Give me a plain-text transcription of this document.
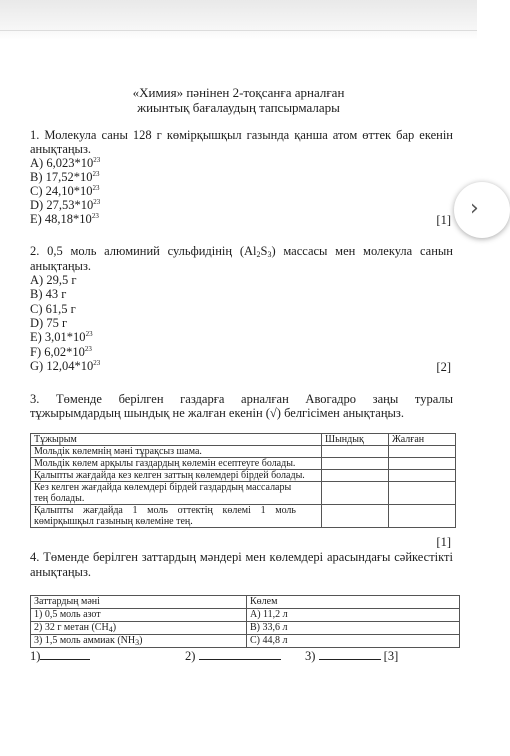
›
«Химия» пәнінен 2-тоқсанға арналған
жиынтық бағалаудың тапсырмалары
1. Молекула саны 128 г көмірқышқыл газында қанша атом өттек бар екенін
анықтаңыз.
A) $6,023*10^{23}$
B) $17,52*10^{23}$
C) $24,10*10^{23}$
D) $27,53*10^{23}$
E) $48,18*10^{23}$	[1]
2. 0,5 моль алюминий сульфидінің $(Al_2S_3)$ массасы мен молекула санын
анықтаңыз.
A) 29,5 г
B) 43 г
C) 61,5 г
D) 75 г
E) $3,01*10^{23}$
F) $6,02*10^{23}$
G) $12,04*10^{23}$	[2]
3. Төменде берілген газдарға арналған Авогадро заңы туралы
тұжырымдардың шындық не жалған екенін (√) белгісімен анықтаңыз.
Тұжырым	Шындық	Жалған
Мольдік көлемнің мәні тұрақсыз шама.		
Мольдік көлем арқылы газдардың көлемін есептеуге болады.		
Қалыпты жағдайда кез келген заттың көлемдері бірдей болады.		

Кез келген жағдайда көлемдері бірдей газдардың массалары
тең болады.		

Қалыпты жағдайда 1 моль оттектің көлемі 1 моль
көмірқышқыл газының көлеміне тең.		

[1]
4. Төменде берілген заттардың мәндері мен көлемдері арасындағы сәйкестікті
анықтаңыз.
Заттардың мәні	Көлем
1) 0,5 моль азот	A) 11,2 л
2) 32 г метан $(CH_4)$	B) 33,6 л
3) 1,5 моль аммиак $(NH_3)$	C) 44,8 л
1)	2)	3)	[3]
